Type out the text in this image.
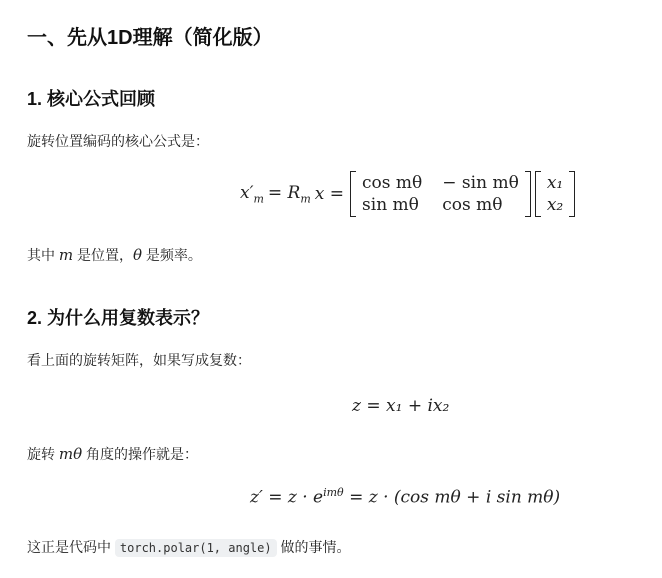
一、先从1D理解（简化版）
1. 核心公式回顾

旋转位置编码的核心公式是：

$x'_m = R_m$ x =
cos mθ − sin mθ
sin mθ cos mθ
x₁
x₂

其中 m 是位置，θ 是频率。

2. 为什么用复数表示？

看上面的旋转矩阵，如果写成复数：

z = x₁ + ix₂

旋转 mθ 角度的操作就是：

$z' = z \cdot e^{im\theta} = z \cdot (\cos$ mθ + i sin mθ)

这正是代码中 torch.polar(1, angle) 做的事情。
